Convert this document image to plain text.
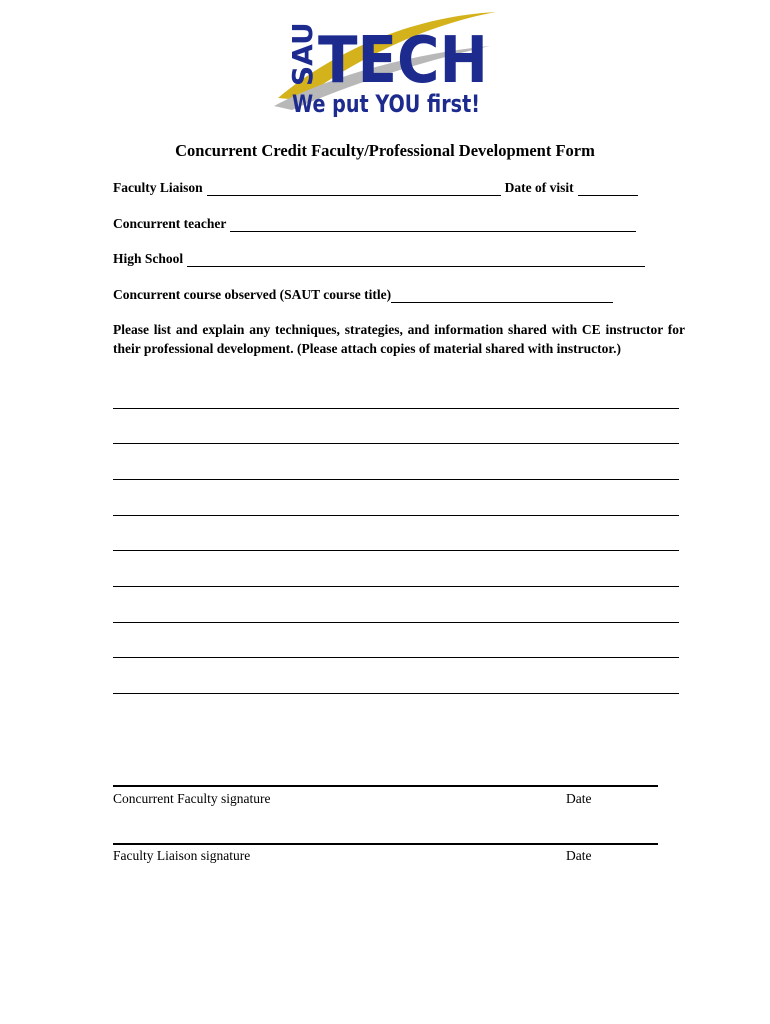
SAU TECH
We put YOU first!
Concurrent Credit Faculty/Professional Development Form
Faculty Liaison	Date of visit
Concurrent teacher
High School
Concurrent course observed (SAUT course title)
Please list and explain any techniques, strategies, and information shared with CE instructor for their professional development. (Please attach copies of material shared with instructor.)
Concurrent Faculty signature	Date
Faculty Liaison signature	Date
